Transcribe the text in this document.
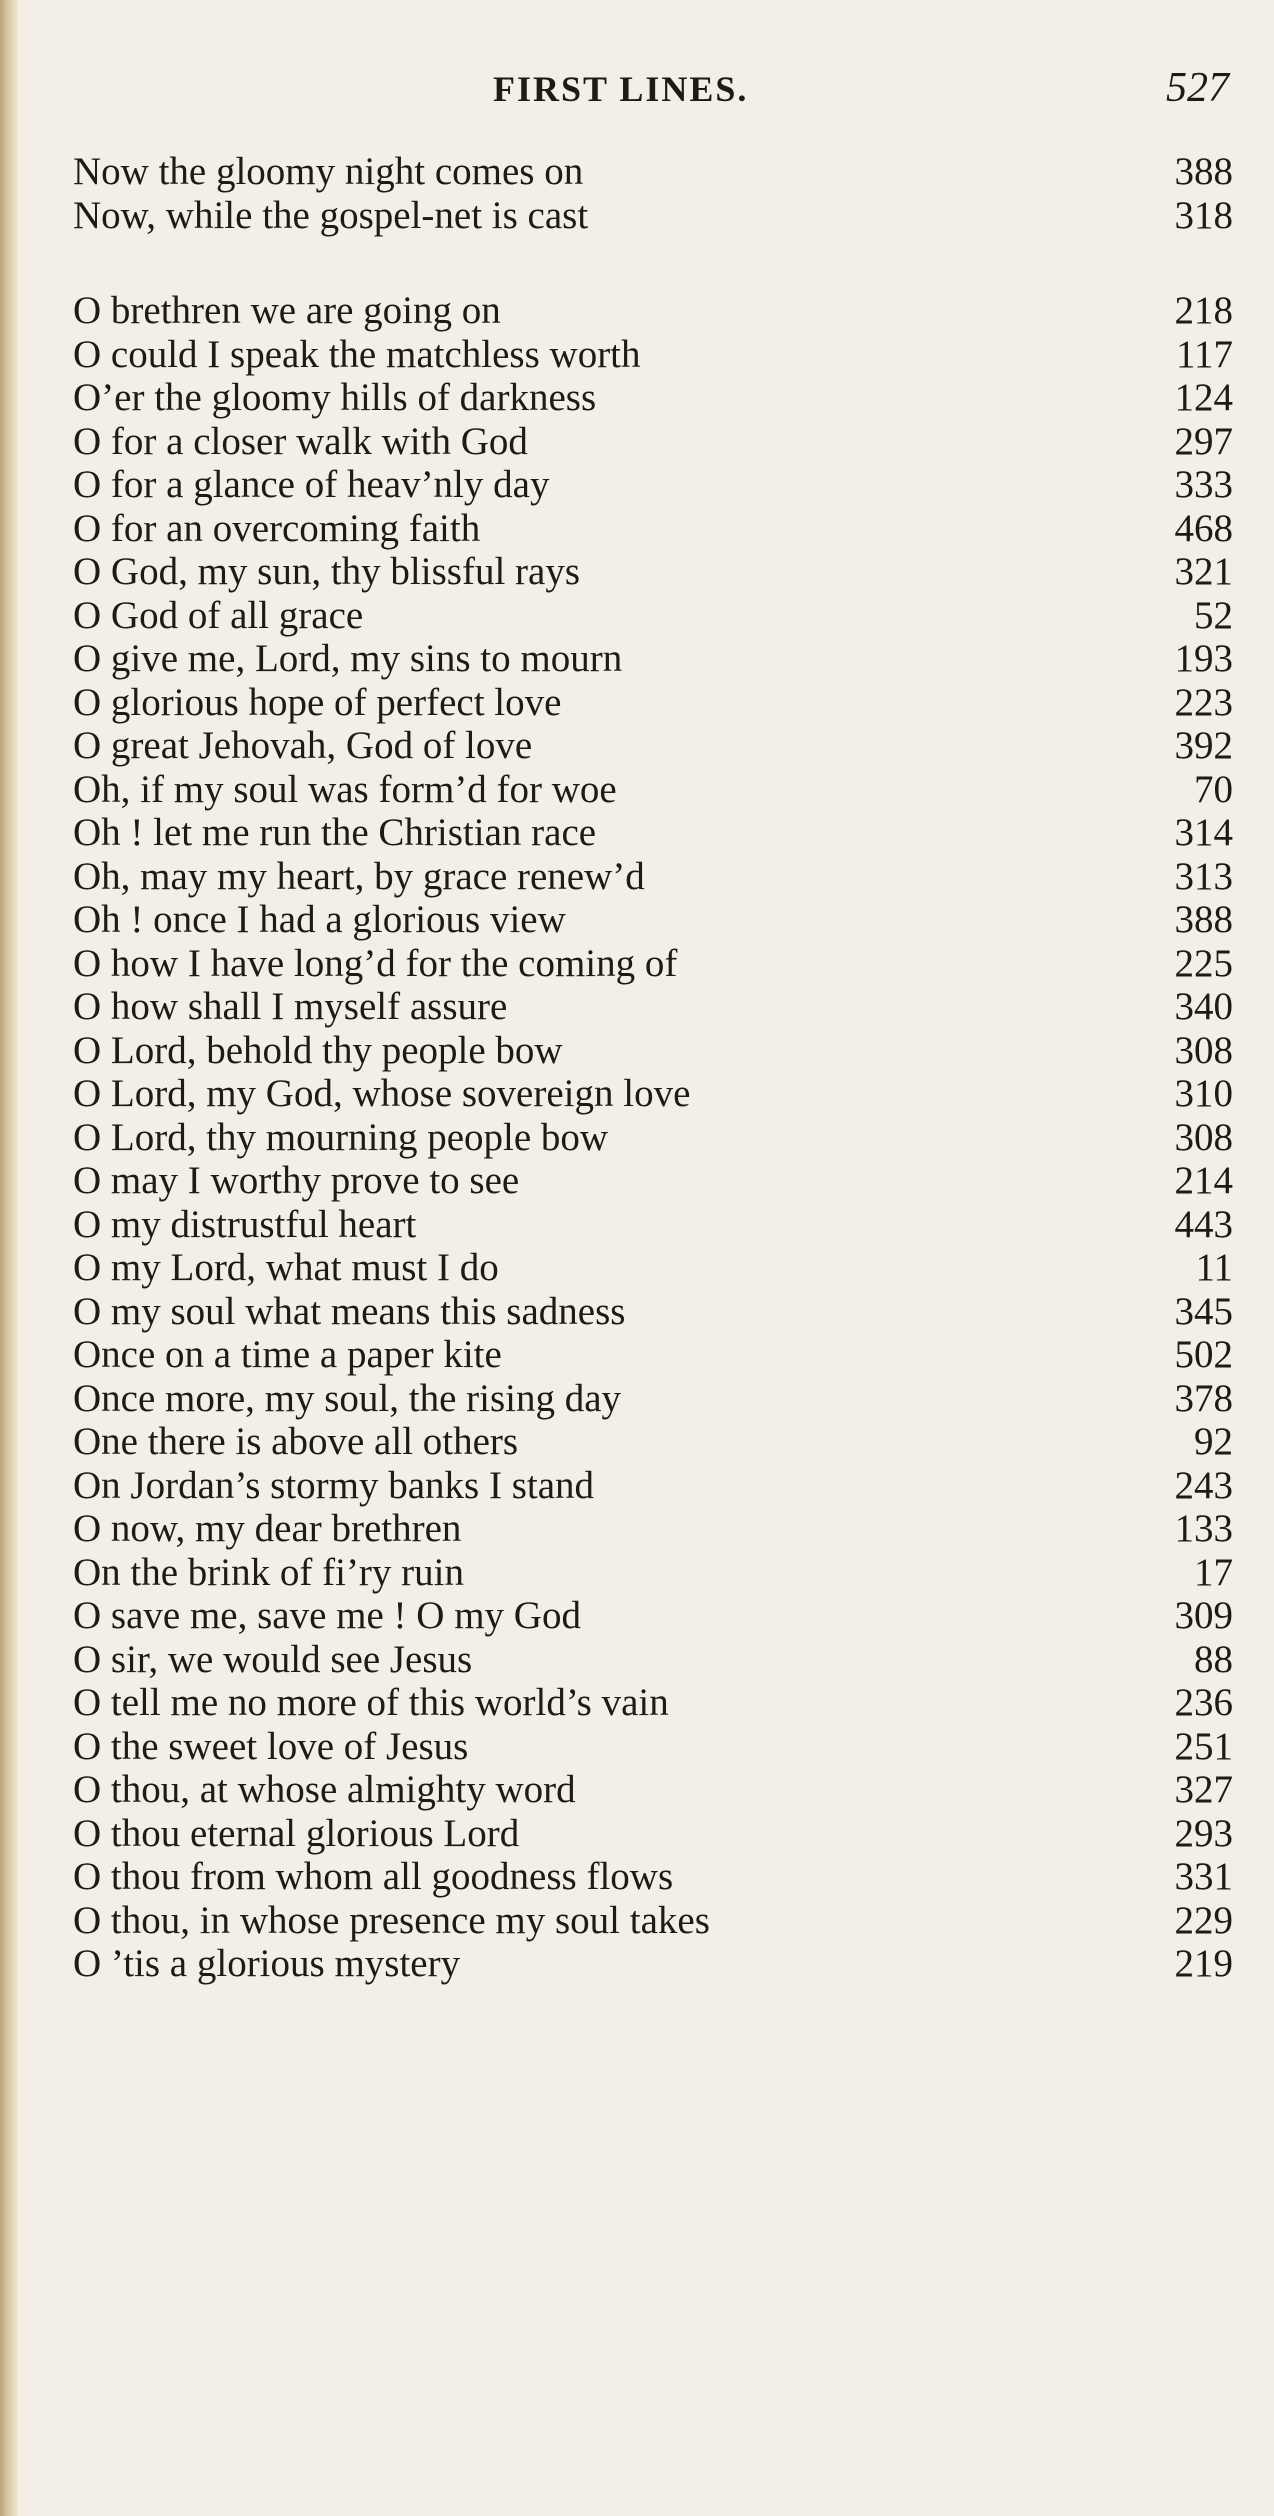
FIRST LINES.	527
Now the gloomy night comes on	388
Now, while the gospel-net is cast	318
O brethren we are going on	218
O could I speak the matchless worth	117
O’er the gloomy hills of darkness	124
O for a closer walk with God	297
O for a glance of heav’nly day	333
O for an overcoming faith	468
O God, my sun, thy blissful rays	321
O God of all grace	52
O give me, Lord, my sins to mourn	193
O glorious hope of perfect love	223
O great Jehovah, God of love	392
Oh, if my soul was form’d for woe	70
Oh ! let me run the Christian race	314
Oh, may my heart, by grace renew’d	313
Oh ! once I had a glorious view	388
O how I have long’d for the coming of	225
O how shall I myself assure	340
O Lord, behold thy people bow	308
O Lord, my God, whose sovereign love	310
O Lord, thy mourning people bow	308
O may I worthy prove to see	214
O my distrustful heart	443
O my Lord, what must I do	11
O my soul what means this sadness	345
Once on a time a paper kite	502
Once more, my soul, the rising day	378
One there is above all others	92
On Jordan’s stormy banks I stand	243
O now, my dear brethren	133
On the brink of fi’ry ruin	17
O save me, save me ! O my God	309
O sir, we would see Jesus	88
O tell me no more of this world’s vain	236
O the sweet love of Jesus	251
O thou, at whose almighty word	327
O thou eternal glorious Lord	293
O thou from whom all goodness flows	331
O thou, in whose presence my soul takes	229
O ’tis a glorious mystery	219
